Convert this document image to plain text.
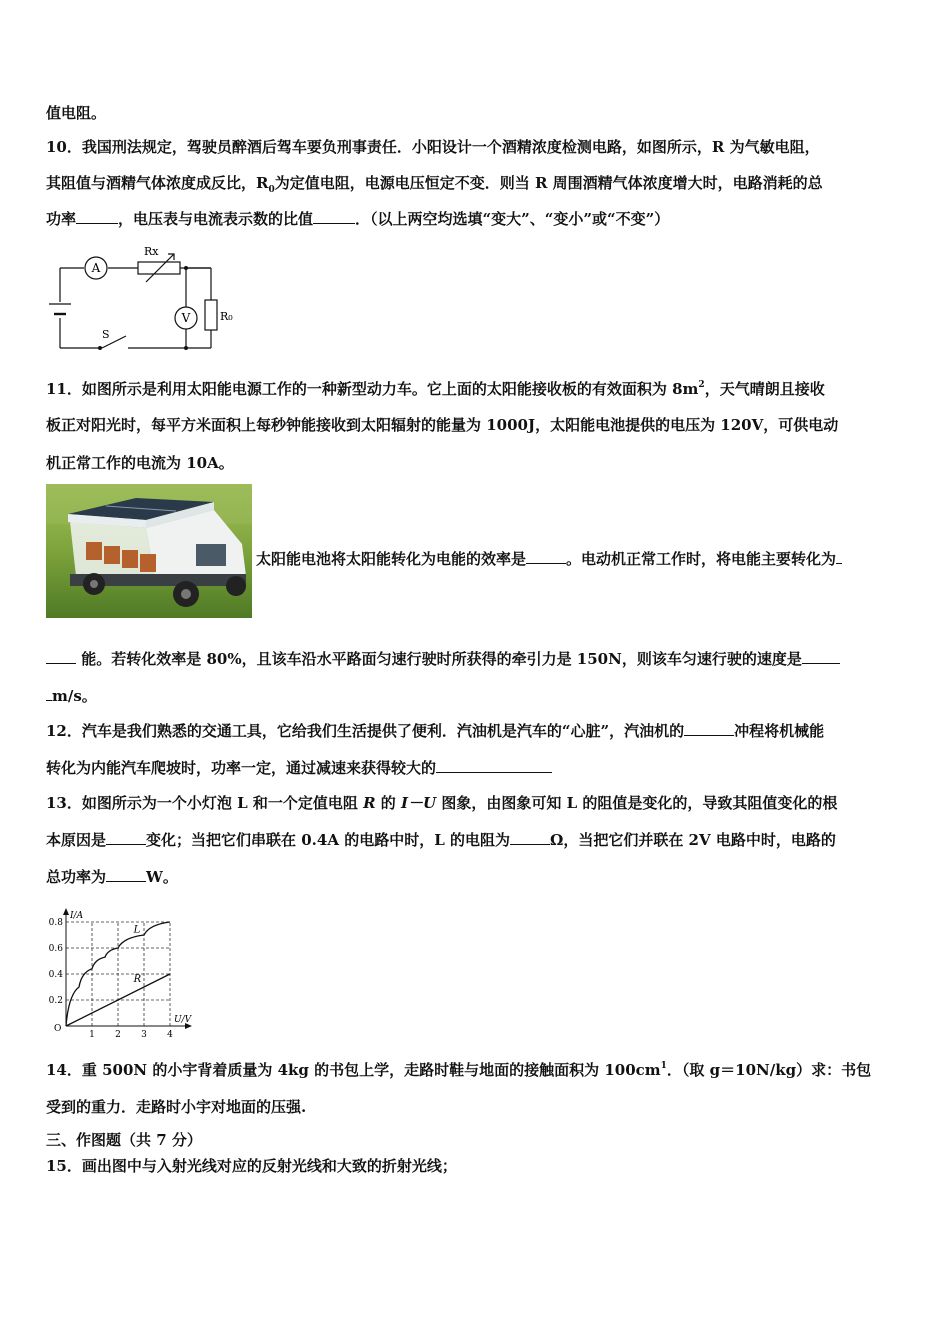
值电阻。
10．我国刑法规定，驾驶员醉酒后驾车要负刑事责任．小阳设计一个酒精浓度检测电路，如图所示，R 为气敏电阻，
其阻值与酒精气体浓度成反比，$R_0$为定值电阻，电源电压恒定不变．则当 R 周围酒精气体浓度增大时，电路消耗的总
功率	，电压表与电流表示数的比值	．（以上两空均选填“变大”、“变小”或“不变”）
A
V
Rx
R₀
S
11．如图所示是利用太阳能电源工作的一种新型动力车。它上面的太阳能接收板的有效面积为 $8m^2$，天气晴朗且接收
板正对阳光时，每平方米面积上每秒钟能接收到太阳辐射的能量为 1000J，太阳能电池提供的电压为 120V，可供电动
机正常工作的电流为 10A。
太阳能电池将太阳能转化为电能的效率是	。电动机正常工作时，将电能主要转化为
能。若转化效率是 80%，且该车沿水平路面匀速行驶时所获得的牵引力是 150N，则该车匀速行驶的速度是
m/s。
12．汽车是我们熟悉的交通工具，它给我们生活提供了便利．汽油机是汽车的“心脏”，汽油机的	冲程将机械能
转化为内能汽车爬坡时，功率一定，通过减速来获得较大的
13．如图所示为一个小灯泡 L 和一个定值电阻 R 的 I－U 图象，由图象可知 L 的阻值是变化的，导致其阻值变化的根
本原因是	变化；当把它们串联在 0.4A 的电路中时，L 的电阻为	Ω，当把它们并联在 2V 电路中时，电路的
总功率为	W。
1 2 3 4
0.2
0.4
0.6
0.8
O
U/V
I/A
L
R
14．重 500N 的小宇背着质量为 4kg 的书包上学，走路时鞋与地面的接触面积为 $100cm^1$．（取 g＝10N/kg）求：书包
受到的重力．走路时小宇对地面的压强.
三、作图题（共 7 分）
15．画出图中与入射光线对应的反射光线和大致的折射光线；
